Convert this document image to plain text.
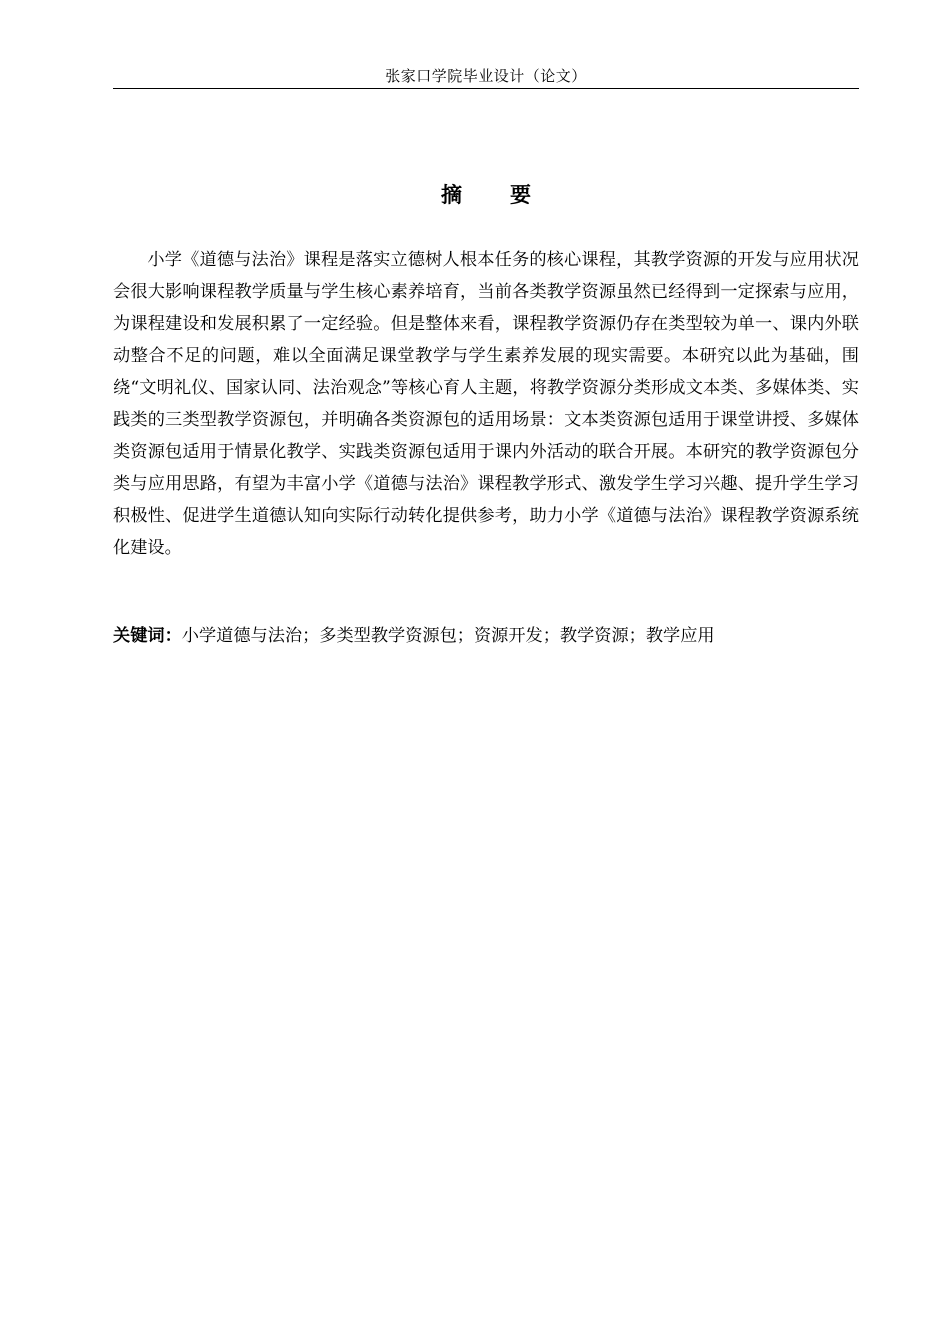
张家口学院毕业设计（论文）
摘 要

小学《道德与法治》课程是落实立德树人根本任务的核心课程，其教学资源的开发与应用状况会很大影响课程教学质量与学生核心素养培育，当前各类教学资源虽然已经得到一定探索与应用，为课程建设和发展积累了一定经验。但是整体来看，课程教学资源仍存在类型较为单一、课内外联动整合不足的问题，难以全面满足课堂教学与学生素养发展的现实需要。本研究以此为基础，围绕“文明礼仪、国家认同、法治观念”等核心育人主题，将教学资源分类形成文本类、多媒体类、实践类的三类型教学资源包，并明确各类资源包的适用场景：文本类资源包适用于课堂讲授、多媒体类资源包适用于情景化教学、实践类资源包适用于课内外活动的联合开展。本研究的教学资源包分类与应用思路，有望为丰富小学《道德与法治》课程教学形式、激发学生学习兴趣、提升学生学习积极性、促进学生道德认知向实际行动转化提供参考，助力小学《道德与法治》课程教学资源系统化建设。

关键词：小学道德与法治；多类型教学资源包；资源开发；教学资源；教学应用
